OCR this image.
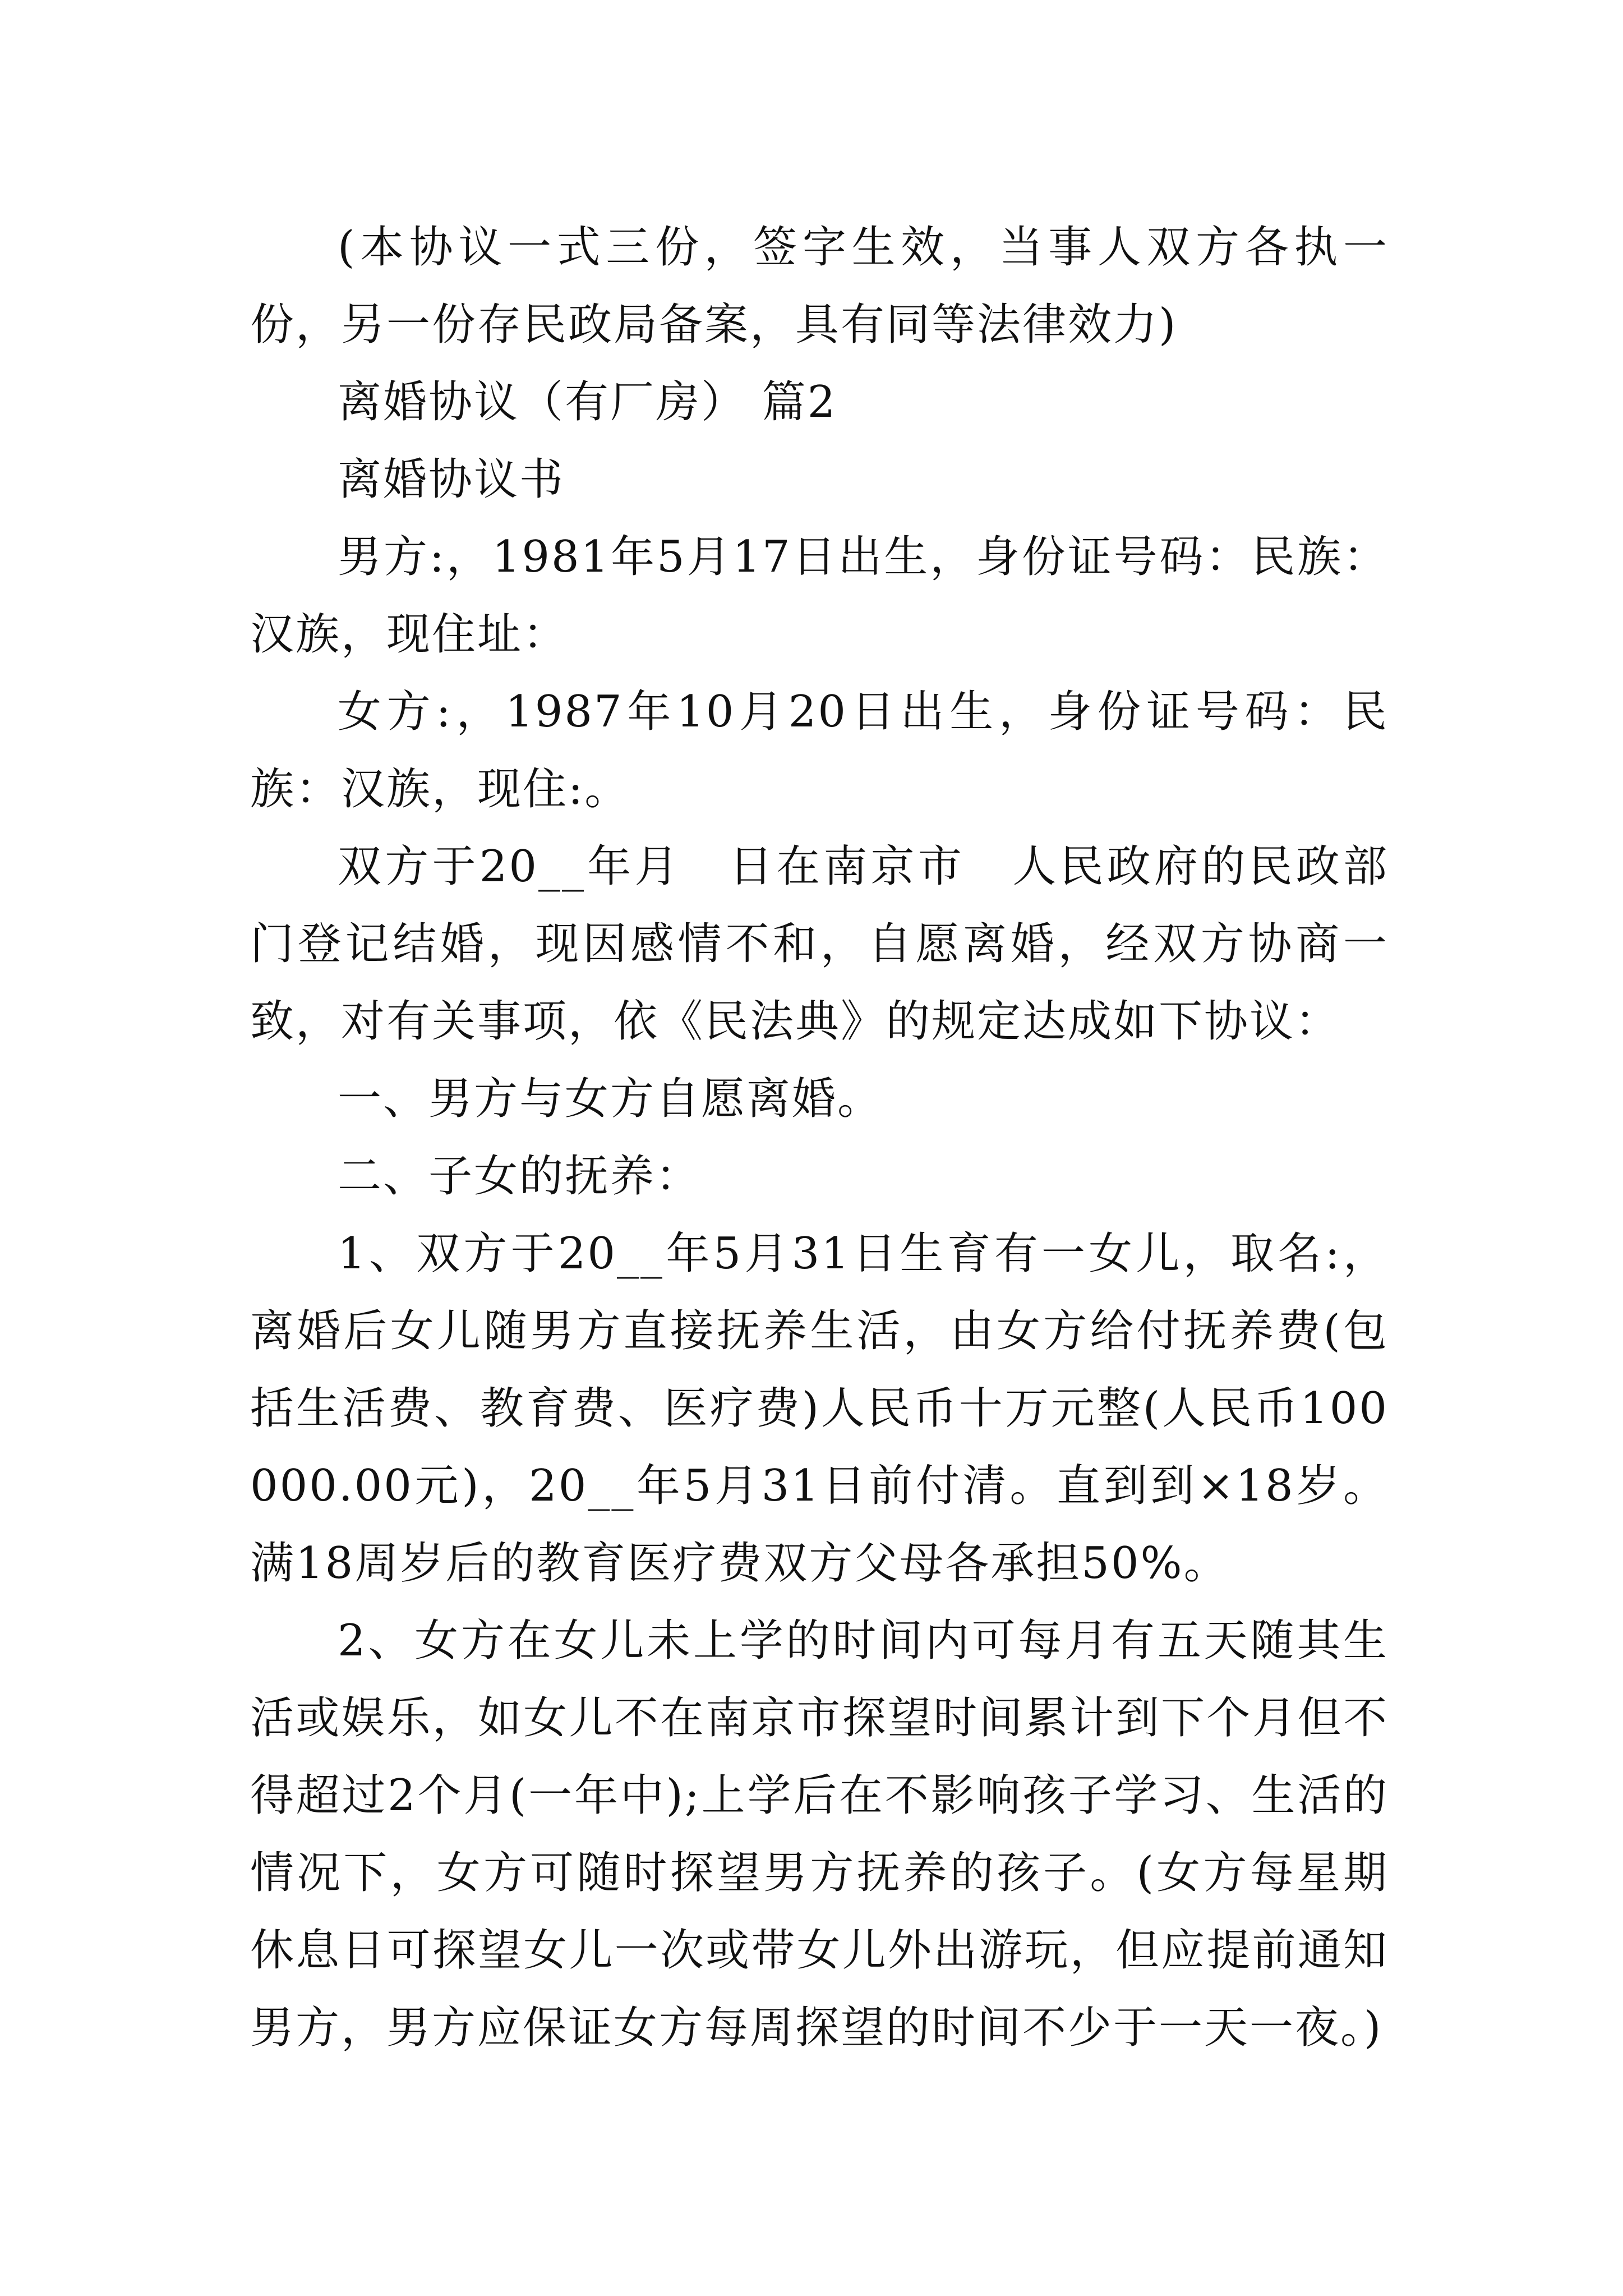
(本协议一式三份，签字生效，当事人双方各执一份，另一份存民政局备案，具有同等法律效力)

离婚协议（有厂房） 篇2

离婚协议书

男方:，1981年5月17日出生，身份证号码：民族：汉族，现住址：

女方:，1987年10月20日出生，身份证号码：民族：汉族，现住:。

双方于20__年月　日在南京市　人民政府的民政部门登记结婚，现因感情不和，自愿离婚，经双方协商一致，对有关事项，依《民法典》的规定达成如下协议：

一、男方与女方自愿离婚。

二、子女的抚养：

1、双方于20__年5月31日生育有一女儿，取名:，离婚后女儿随男方直接抚养生活，由女方给付抚养费(包括生活费、教育费、医疗费)人民币十万元整(人民币100000.00元)，20__年5月31日前付清。直到到×18岁。满18周岁后的教育医疗费双方父母各承担50%。

2、女方在女儿未上学的时间内可每月有五天随其生活或娱乐，如女儿不在南京市探望时间累计到下个月但不得超过2个月(一年中);上学后在不影响孩子学习、生活的情况下，女方可随时探望男方抚养的孩子。(女方每星期休息日可探望女儿一次或带女儿外出游玩，但应提前通知男方，男方应保证女方每周探望的时间不少于一天一夜。)
